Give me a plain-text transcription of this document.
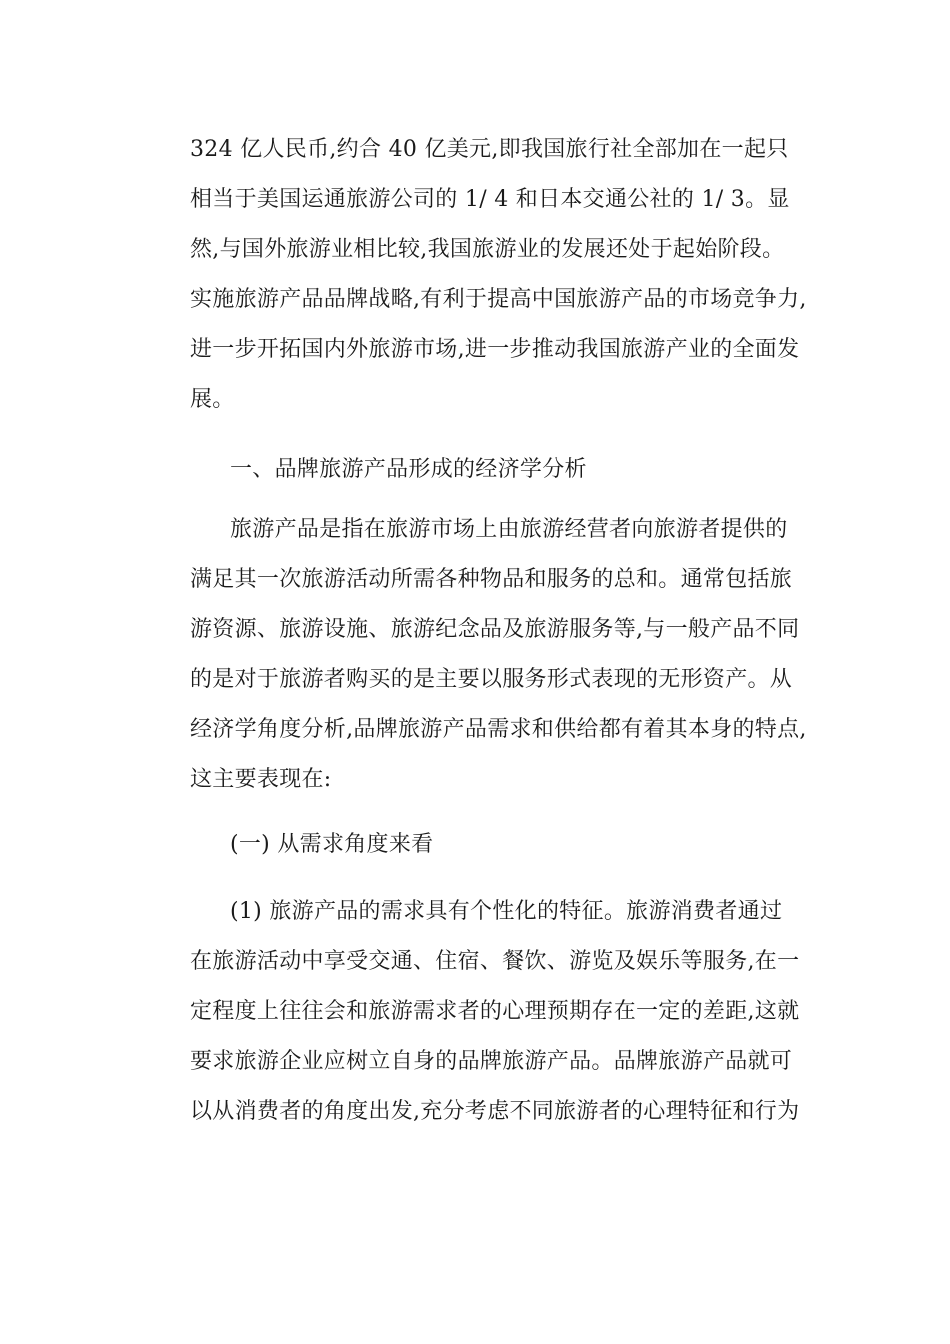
324 亿人民币,约合 40 亿美元,即我国旅行社全部加在一起只
相当于美国运通旅游公司的 1/ 4 和日本交通公社的 1/ 3。显
然,与国外旅游业相比较,我国旅游业的发展还处于起始阶段。
实施旅游产品品牌战略,有利于提高中国旅游产品的市场竞争力,
进一步开拓国内外旅游市场,进一步推动我国旅游产业的全面发
展。
一、品牌旅游产品形成的经济学分析
旅游产品是指在旅游市场上由旅游经营者向旅游者提供的
满足其一次旅游活动所需各种物品和服务的总和。通常包括旅
游资源、旅游设施、旅游纪念品及旅游服务等,与一般产品不同
的是对于旅游者购买的是主要以服务形式表现的无形资产。从
经济学角度分析,品牌旅游产品需求和供给都有着其本身的特点,
这主要表现在:
(一) 从需求角度来看
(1) 旅游产品的需求具有个性化的特征。旅游消费者通过
在旅游活动中享受交通、住宿、餐饮、游览及娱乐等服务,在一
定程度上往往会和旅游需求者的心理预期存在一定的差距,这就
要求旅游企业应树立自身的品牌旅游产品。品牌旅游产品就可
以从消费者的角度出发,充分考虑不同旅游者的心理特征和行为
